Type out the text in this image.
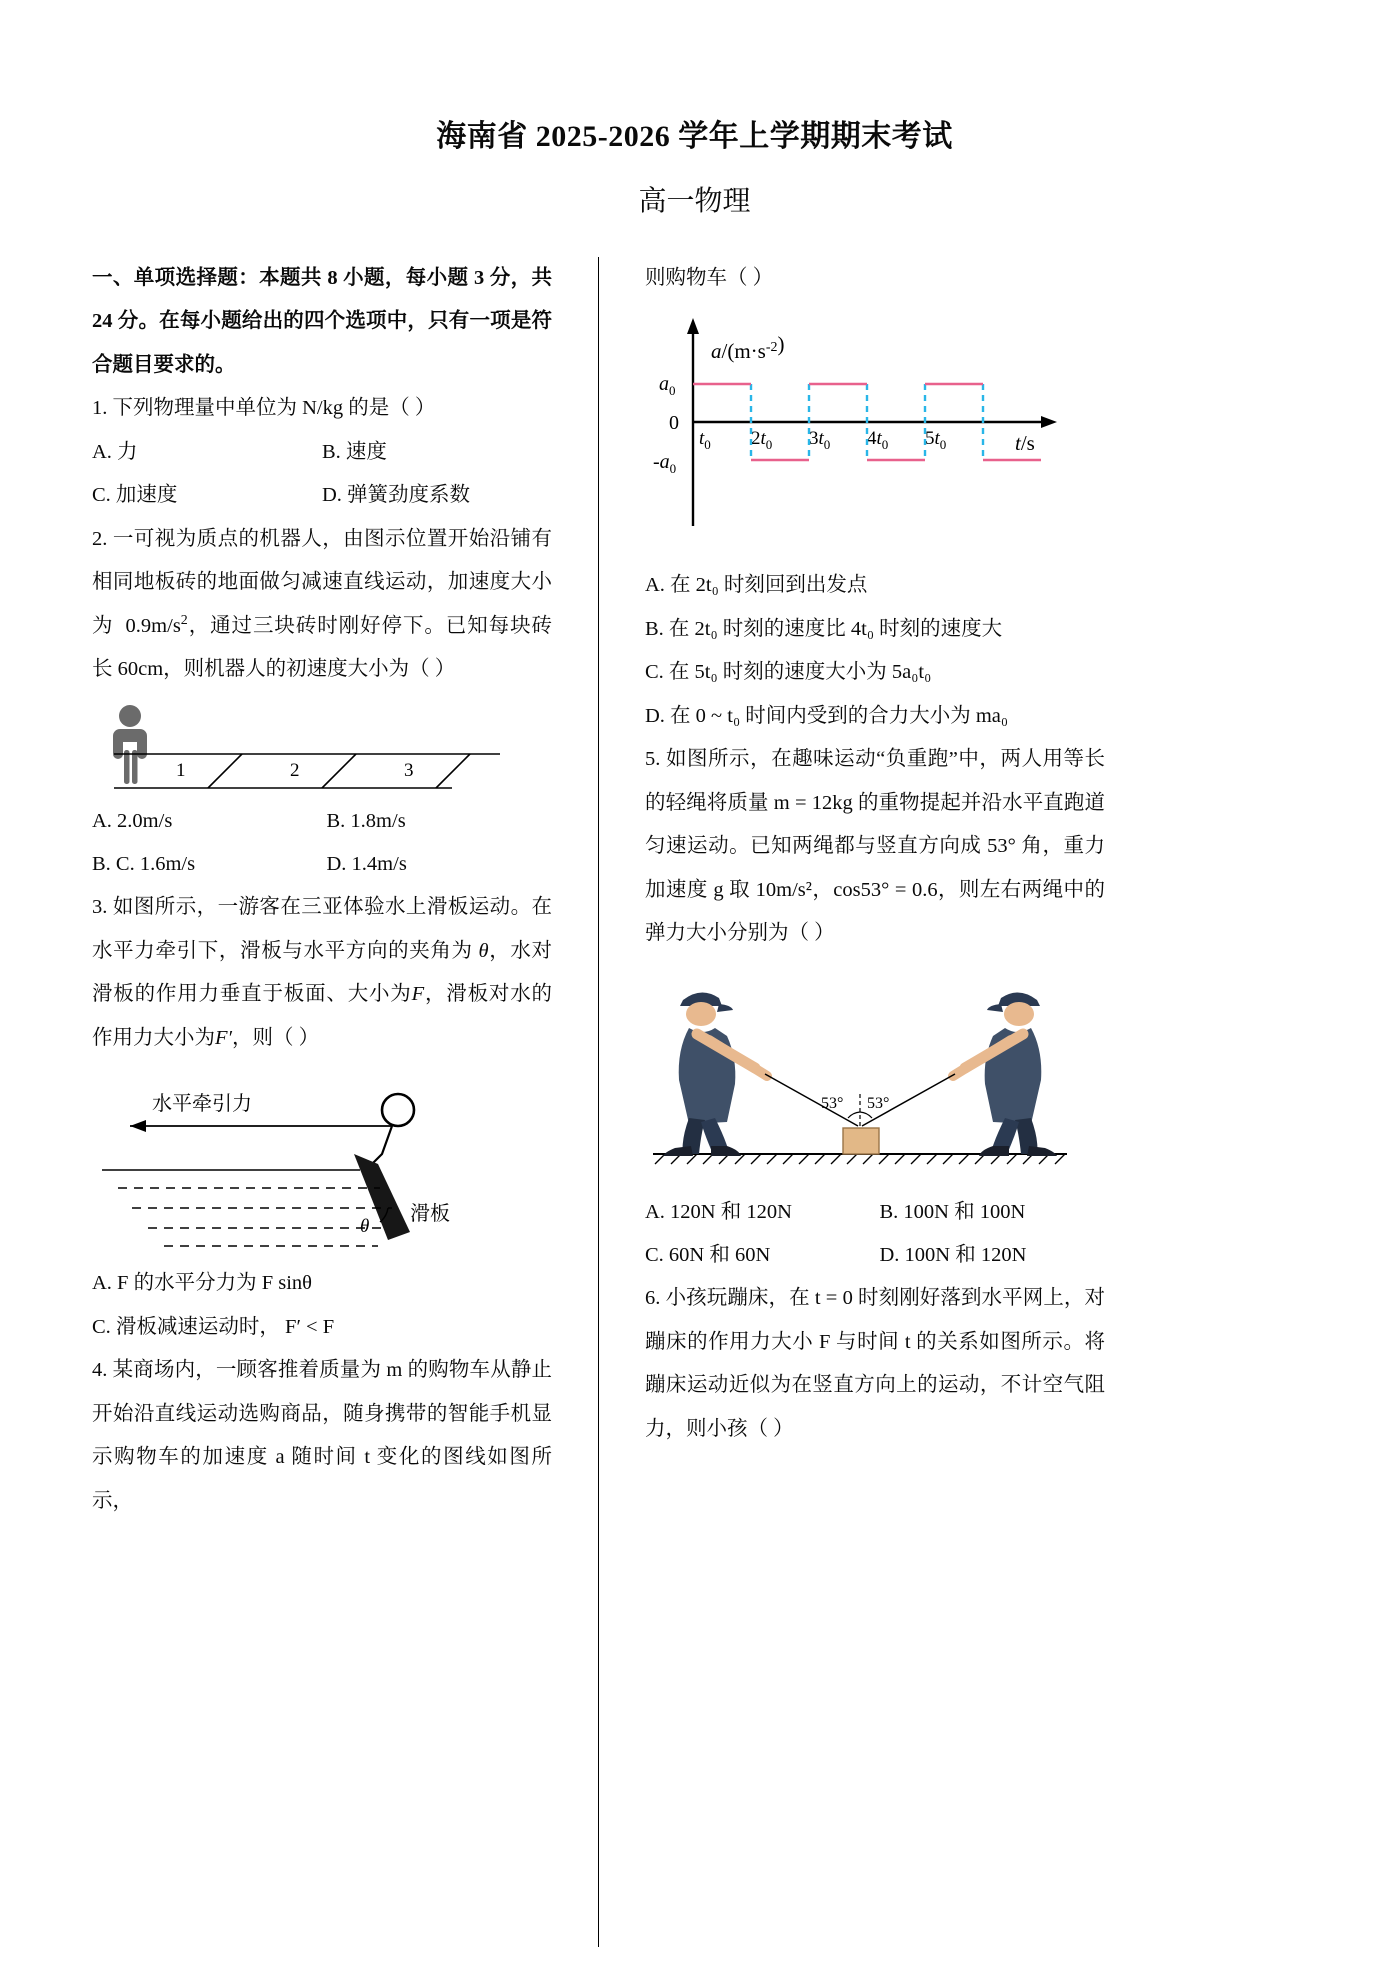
海南省 2025-2026 学年上学期期末考试
高一物理

一、单项选择题：本题共 8 小题，每小题 3 分，共 24 分。在每小题给出的四个选项中，只有一项是符合题目要求的。

1. 下列物理量中单位为 N/kg 的是（ ）

A. 力	B. 速度
C. 加速度	D. 弹簧劲度系数

2. 一可视为质点的机器人，由图示位置开始沿铺有相同地板砖的地面做匀减速直线运动，加速度大小为 $0.9m/s^2$，通过三块砖时刚好停下。已知每块砖长 60cm，则机器人的初速度大小为（ ）

1	2	3
A. 2.0m/s	B. 1.8m/s
B. C. 1.6m/s	D. 1.4m/s

3. 如图所示，一游客在三亚体验水上滑板运动。在水平力牵引下，滑板与水平方向的夹角为 θ，水对滑板的作用力垂直于板面、大小为F，滑板对水的作用力大小为F′，则（ ）

水平牵引力
θ
滑板

A. F 的水平分力为 F sinθ

C. 滑板减速运动时， F′ < F

4. 某商场内，一顾客推着质量为 m 的购物车从静止开始沿直线运动选购商品，随身携带的智能手机显示购物车的加速度 a 随时间 t 变化的图线如图所示，

则购物车（ ）

$a/(m\cdot s^{-2})$
t/s
$a_0$
0
$-a_0$
$t_0$ $2t_0$ $3t_0$ $4t_0$ $5t_0$

A. 在 2t₀ 时刻回到出发点

B. 在 2t₀ 时刻的速度比 4t₀ 时刻的速度大

C. 在 5t₀ 时刻的速度大小为 5a₀t₀

D. 在 0 ~ t₀ 时间内受到的合力大小为 ma₀

5. 如图所示，在趣味运动“负重跑”中，两人用等长的轻绳将质量 m = 12kg 的重物提起并沿水平直跑道匀速运动。已知两绳都与竖直方向成 53° 角，重力加速度 g 取 10m/s²，cos53° = 0.6，则左右两绳中的弹力大小分别为（ ）

53° 53°
A. 120N 和 120N	B. 100N 和 100N
C. 60N 和 60N	D. 100N 和 120N

6. 小孩玩蹦床，在 t = 0 时刻刚好落到水平网上，对蹦床的作用力大小 F 与时间 t 的关系如图所示。将蹦床运动近似为在竖直方向上的运动，不计空气阻力，则小孩（ ）
